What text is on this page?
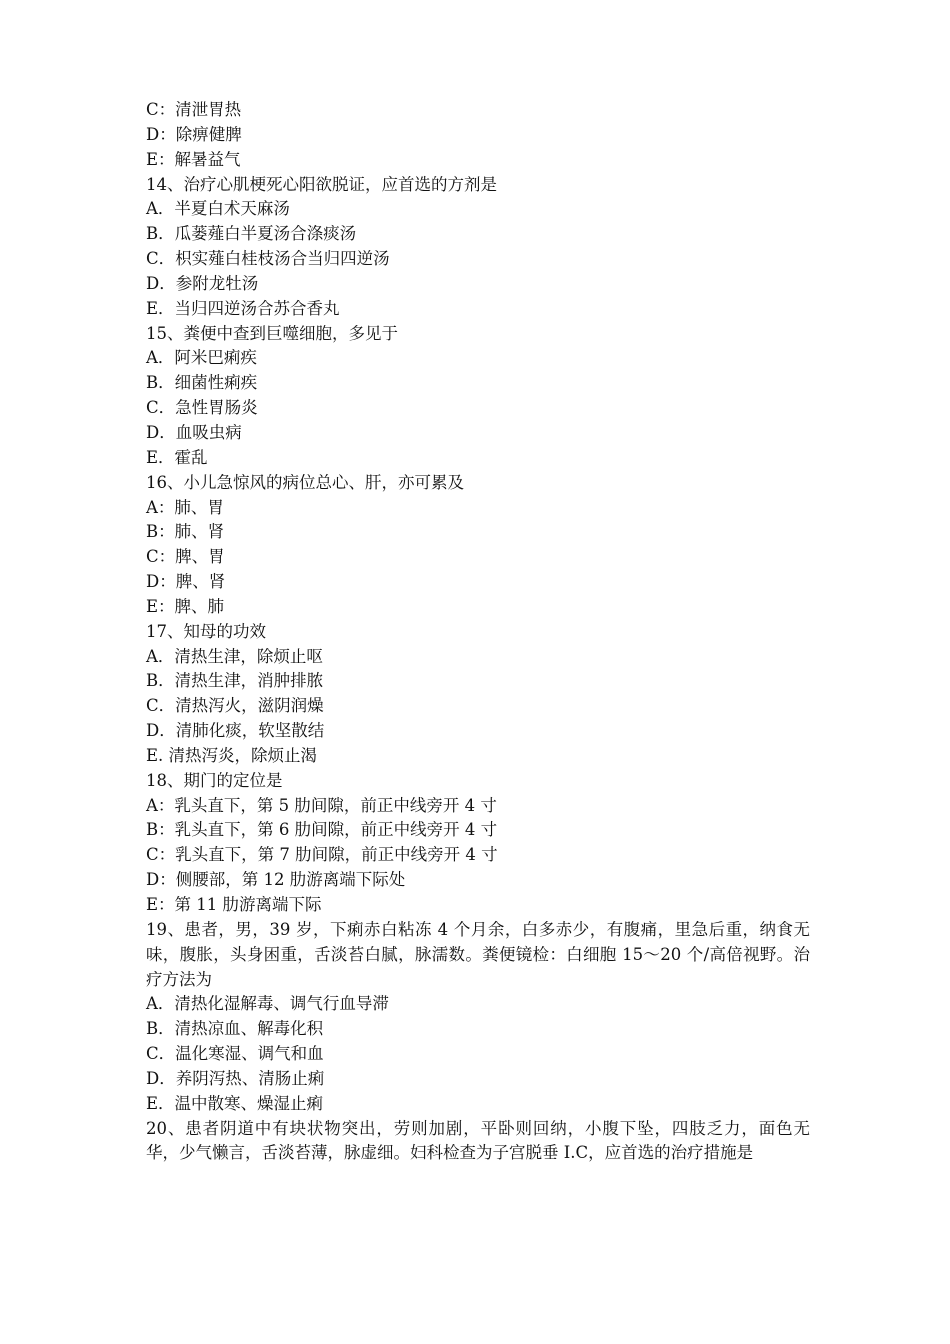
C：清泄胃热
D：除痹健脾
E：解暑益气
14、治疗心肌梗死心阳欲脱证，应首选的方剂是
A．半夏白术天麻汤
B．瓜蒌薤白半夏汤合涤痰汤
C．枳实薤白桂枝汤合当归四逆汤
D．参附龙牡汤
E．当归四逆汤合苏合香丸
15、粪便中查到巨噬细胞，多见于
A．阿米巴痢疾
B．细菌性痢疾
C．急性胃肠炎
D．血吸虫病
E．霍乱
16、小儿急惊风的病位总心、肝，亦可累及
A：肺、胃
B：肺、肾
C：脾、胃
D：脾、肾
E：脾、肺
17、知母的功效
A．清热生津，除烦止呕
B．清热生津，消肿排脓
C．清热泻火，滋阴润燥
D．清肺化痰，软坚散结
E. 清热泻炎，除烦止渴
18、期门的定位是
A：乳头直下，第 5 肋间隙，前正中线旁开 4 寸
B：乳头直下，第 6 肋间隙，前正中线旁开 4 寸
C：乳头直下，第 7 肋间隙，前正中线旁开 4 寸
D：侧腰部，第 12 肋游离端下际处
E：第 11 肋游离端下际
19、患者，男，39 岁，下痢赤白粘冻 4 个月余，白多赤少，有腹痛，里急后重，纳食无味，腹胀，头身困重，舌淡苔白腻，脉濡数。粪便镜检：白细胞 15～20 个/高倍视野。治疗方法为
A．清热化湿解毒、调气行血导滞
B．清热凉血、解毒化积
C．温化寒湿、调气和血
D．养阴泻热、清肠止痢
E．温中散寒、燥湿止痢
20、患者阴道中有块状物突出，劳则加剧，平卧则回纳，小腹下坠，四肢乏力，面色无华，少气懒言，舌淡苔薄，脉虚细。妇科检查为子宫脱垂 I.C，应首选的治疗措施是
